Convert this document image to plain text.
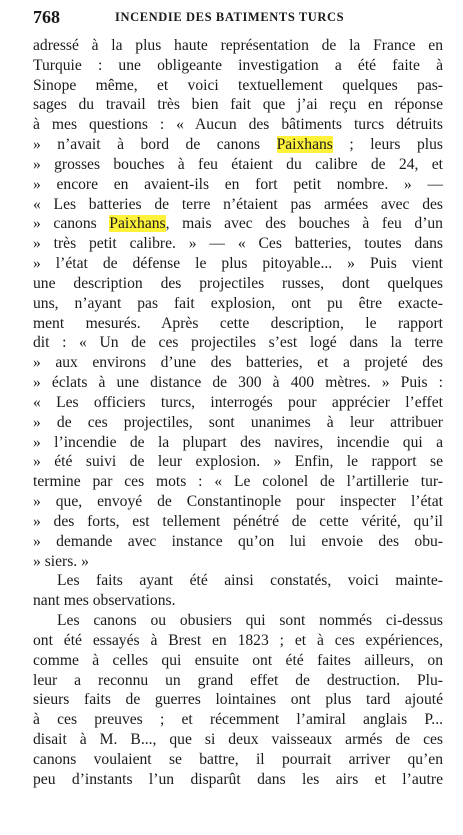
768	INCENDIE DES BATIMENTS TURCS
adressé à la plus haute représentation de la France en
Turquie : une obligeante investigation a été faite à
Sinope même, et voici textuellement quelques pas-
sages du travail très bien fait que j’ai reçu en réponse
à mes questions : « Aucun des bâtiments turcs détruits
» n’avait à bord de canons Paixhans ; leurs plus
» grosses bouches à feu étaient du calibre de 24, et
» encore en avaient-ils en fort petit nombre. » —
« Les batteries de terre n’étaient pas armées avec des
» canons Paixhans, mais avec des bouches à feu d’un
» très petit calibre. » — « Ces batteries, toutes dans
» l’état de défense le plus pitoyable... » Puis vient
une description des projectiles russes, dont quelques
uns, n’ayant pas fait explosion, ont pu être exacte-
ment mesurés. Après cette description, le rapport
dit : « Un de ces projectiles s’est logé dans la terre
» aux environs d’une des batteries, et a projeté des
» éclats à une distance de 300 à 400 mètres. » Puis :
« Les officiers turcs, interrogés pour apprécier l’effet
» de ces projectiles, sont unanimes à leur attribuer
» l’incendie de la plupart des navires, incendie qui a
» été suivi de leur explosion. » Enfin, le rapport se
termine par ces mots : « Le colonel de l’artillerie tur-
» que, envoyé de Constantinople pour inspecter l’état
» des forts, est tellement pénétré de cette vérité, qu’il
» demande avec instance qu’on lui envoie des obu-
» siers. »
Les faits ayant été ainsi constatés, voici mainte-
nant mes observations.
Les canons ou obusiers qui sont nommés ci-dessus
ont été essayés à Brest en 1823 ; et à ces expériences,
comme à celles qui ensuite ont été faites ailleurs, on
leur a reconnu un grand effet de destruction. Plu-
sieurs faits de guerres lointaines ont plus tard ajouté
à ces preuves ; et récemment l’amiral anglais P...
disait à M. B..., que si deux vaisseaux armés de ces
canons voulaient se battre, il pourrait arriver qu’en
peu d’instants l’un disparût dans les airs et l’autre
